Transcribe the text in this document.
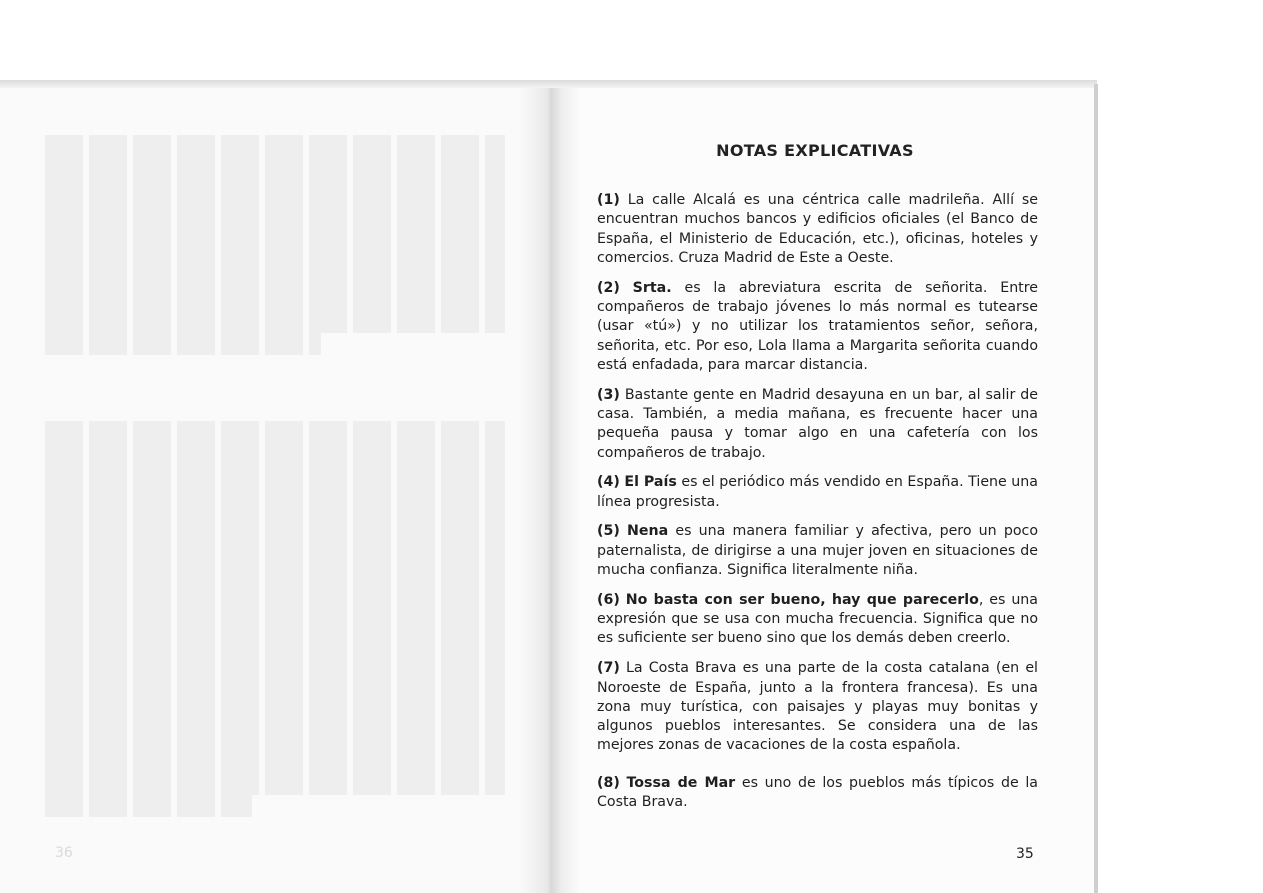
36
NOTAS EXPLICATIVAS

(1) La calle Alcalá es una céntrica calle madrileña. Allí se encuentran muchos bancos y edificios oficiales (el Banco de España, el Ministerio de Educación, etc.), oficinas, hoteles y comercios. Cruza Madrid de Este a Oeste.

(2) Srta. es la abreviatura escrita de señorita. Entre compañeros de trabajo jóvenes lo más normal es tutearse (usar «tú») y no utilizar los tratamientos señor, señora, señorita, etc. Por eso, Lola llama a Margarita señorita cuando está enfadada, para marcar distancia.

(3) Bastante gente en Madrid desayuna en un bar, al salir de casa. También, a media mañana, es frecuente hacer una pequeña pausa y tomar algo en una cafetería con los compañeros de trabajo.

(4) El País es el periódico más vendido en España. Tiene una línea progresista.

(5) Nena es una manera familiar y afectiva, pero un poco paternalista, de dirigirse a una mujer joven en situaciones de mucha confianza. Significa literalmente niña.

(6) No basta con ser bueno, hay que parecerlo, es una expresión que se usa con mucha frecuencia. Significa que no es suficiente ser bueno sino que los demás deben creerlo.

(7) La Costa Brava es una parte de la costa catalana (en el Noroeste de España, junto a la frontera francesa). Es una zona muy turística, con paisajes y playas muy bonitas y algunos pueblos interesantes. Se considera una de las mejores zonas de vacaciones de la costa española.

(8) Tossa de Mar es uno de los pueblos más típicos de la Costa Brava.

35
